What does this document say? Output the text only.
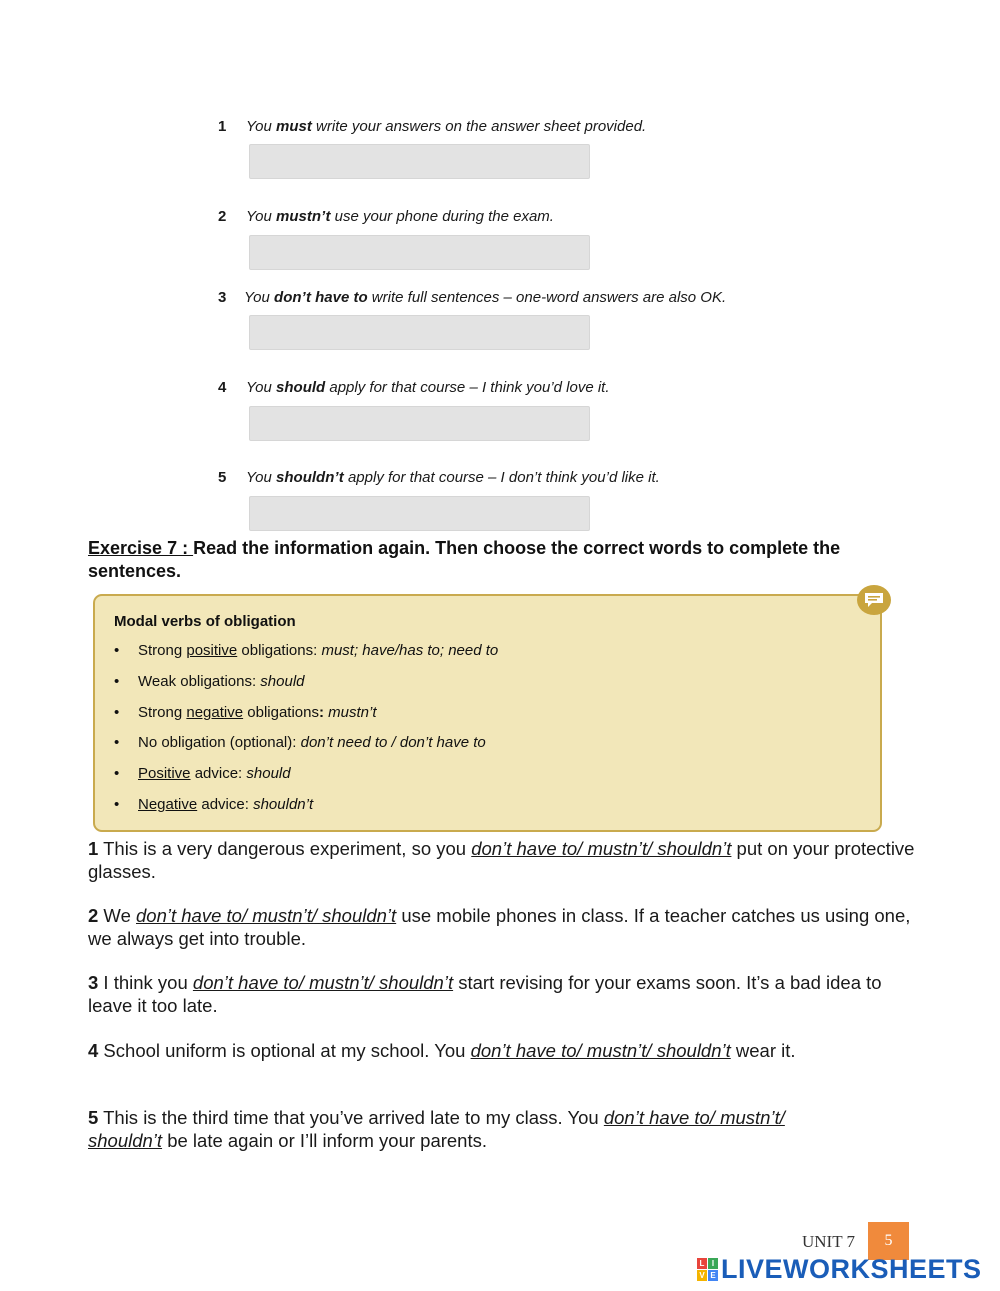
1 You must write your answers on the answer sheet provided.
2 You mustn’t use your phone during the exam.
3 You don’t have to write full sentences – one-word answers are also OK.
4 You should apply for that course – I think you’d love it.
5 You shouldn’t apply for that course – I don’t think you’d like it.
Exercise 7 : Read the information again. Then choose the correct words to complete the sentences.
Modal verbs of obligation
• Strong positive obligations: must; have/has to; need to
• Weak obligations: should
• Strong negative obligations: mustn’t
• No obligation (optional): don’t need to / don’t have to
• Positive advice: should
• Negative advice: shouldn’t
1 This is a very dangerous experiment, so you don’t have to/ mustn’t/ shouldn’t put on your protective glasses.
2 We don’t have to/ mustn’t/ shouldn’t use mobile phones in class. If a teacher catches us using one, we always get into trouble.
3 I think you don’t have to/ mustn’t/ shouldn’t start revising for your exams soon. It’s a bad idea to leave it too late.
4 School uniform is optional at my school. You don’t have to/ mustn’t/ shouldn’t wear it.
5 This is the third time that you’ve arrived late to my class. You don’t have to/ mustn’t/ shouldn’t be late again or I’ll inform your parents.
UNIT 7	5
L I
V E LIVEWORKSHEETS
